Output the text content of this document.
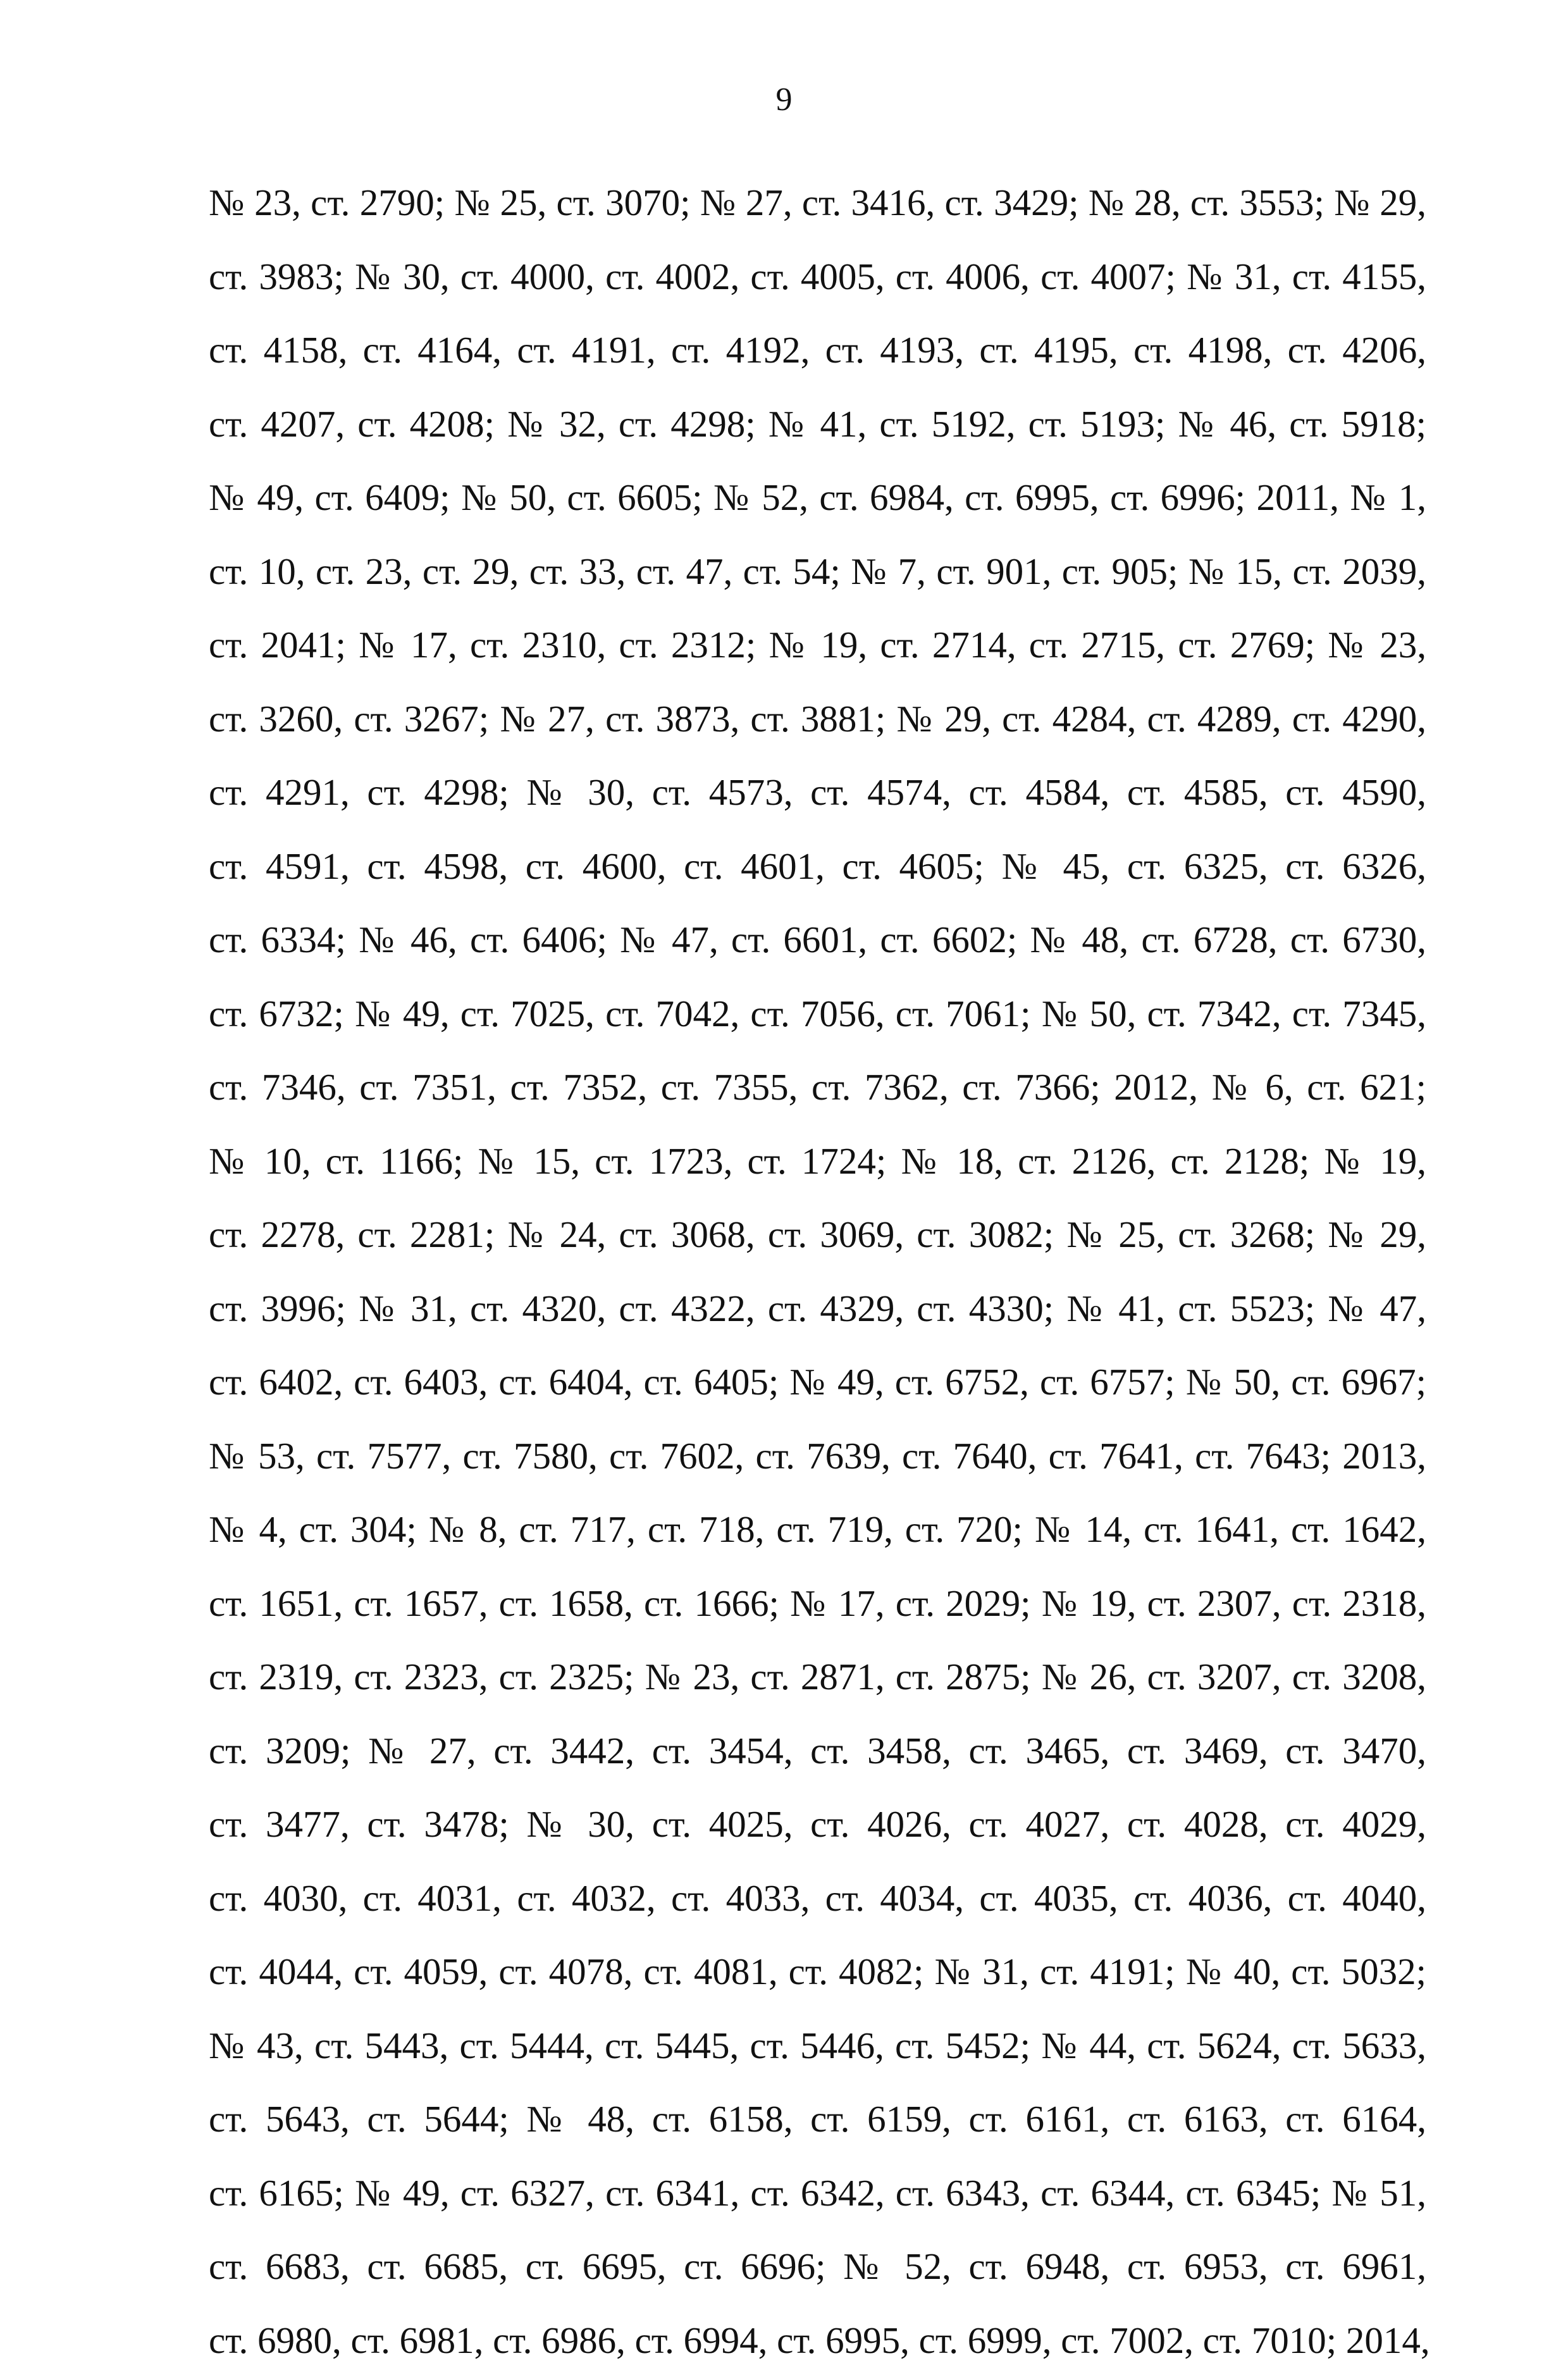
9
№ 23, ст. 2790; № 25, ст. 3070; № 27, ст. 3416, ст. 3429; № 28, ст. 3553; № 29,
ст. 3983; № 30, ст. 4000, ст. 4002, ст. 4005, ст. 4006, ст. 4007; № 31, ст. 4155,
ст. 4158, ст. 4164, ст. 4191, ст. 4192, ст. 4193, ст. 4195, ст. 4198, ст. 4206,
ст. 4207, ст. 4208; № 32, ст. 4298; № 41, ст. 5192, ст. 5193; № 46, ст. 5918;
№ 49, ст. 6409; № 50, ст. 6605; № 52, ст. 6984, ст. 6995, ст. 6996; 2011, № 1,
ст. 10, ст. 23, ст. 29, ст. 33, ст. 47, ст. 54; № 7, ст. 901, ст. 905; № 15, ст. 2039,
ст. 2041; № 17, ст. 2310, ст. 2312; № 19, ст. 2714, ст. 2715, ст. 2769; № 23,
ст. 3260, ст. 3267; № 27, ст. 3873, ст. 3881; № 29, ст. 4284, ст. 4289, ст. 4290,
ст. 4291, ст. 4298; № 30, ст. 4573, ст. 4574, ст. 4584, ст. 4585, ст. 4590,
ст. 4591, ст. 4598, ст. 4600, ст. 4601, ст. 4605; № 45, ст. 6325, ст. 6326,
ст. 6334; № 46, ст. 6406; № 47, ст. 6601, ст. 6602; № 48, ст. 6728, ст. 6730,
ст. 6732; № 49, ст. 7025, ст. 7042, ст. 7056, ст. 7061; № 50, ст. 7342, ст. 7345,
ст. 7346, ст. 7351, ст. 7352, ст. 7355, ст. 7362, ст. 7366; 2012, № 6, ст. 621;
№ 10, ст. 1166; № 15, ст. 1723, ст. 1724; № 18, ст. 2126, ст. 2128; № 19,
ст. 2278, ст. 2281; № 24, ст. 3068, ст. 3069, ст. 3082; № 25, ст. 3268; № 29,
ст. 3996; № 31, ст. 4320, ст. 4322, ст. 4329, ст. 4330; № 41, ст. 5523; № 47,
ст. 6402, ст. 6403, ст. 6404, ст. 6405; № 49, ст. 6752, ст. 6757; № 50, ст. 6967;
№ 53, ст. 7577, ст. 7580, ст. 7602, ст. 7639, ст. 7640, ст. 7641, ст. 7643; 2013,
№ 4, ст. 304; № 8, ст. 717, ст. 718, ст. 719, ст. 720; № 14, ст. 1641, ст. 1642,
ст. 1651, ст. 1657, ст. 1658, ст. 1666; № 17, ст. 2029; № 19, ст. 2307, ст. 2318,
ст. 2319, ст. 2323, ст. 2325; № 23, ст. 2871, ст. 2875; № 26, ст. 3207, ст. 3208,
ст. 3209; № 27, ст. 3442, ст. 3454, ст. 3458, ст. 3465, ст. 3469, ст. 3470,
ст. 3477, ст. 3478; № 30, ст. 4025, ст. 4026, ст. 4027, ст. 4028, ст. 4029,
ст. 4030, ст. 4031, ст. 4032, ст. 4033, ст. 4034, ст. 4035, ст. 4036, ст. 4040,
ст. 4044, ст. 4059, ст. 4078, ст. 4081, ст. 4082; № 31, ст. 4191; № 40, ст. 5032;
№ 43, ст. 5443, ст. 5444, ст. 5445, ст. 5446, ст. 5452; № 44, ст. 5624, ст. 5633,
ст. 5643, ст. 5644; № 48, ст. 6158, ст. 6159, ст. 6161, ст. 6163, ст. 6164,
ст. 6165; № 49, ст. 6327, ст. 6341, ст. 6342, ст. 6343, ст. 6344, ст. 6345; № 51,
ст. 6683, ст. 6685, ст. 6695, ст. 6696; № 52, ст. 6948, ст. 6953, ст. 6961,
ст. 6980, ст. 6981, ст. 6986, ст. 6994, ст. 6995, ст. 6999, ст. 7002, ст. 7010; 2014,
